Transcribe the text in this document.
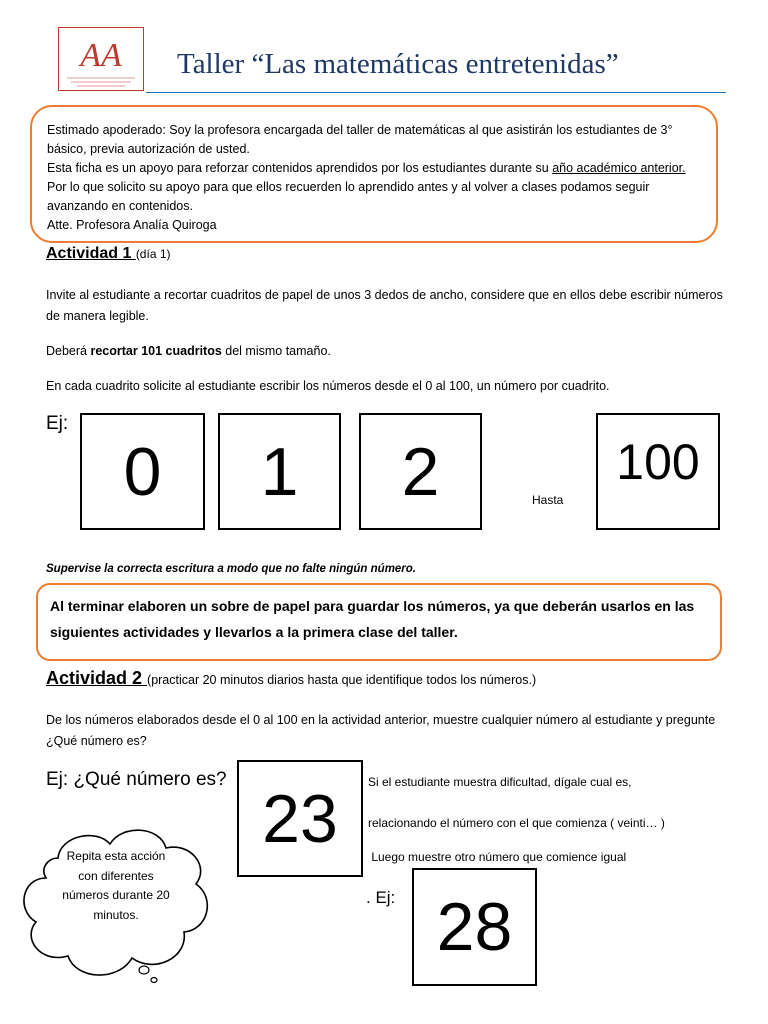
AA Taller “Las matemáticas entretenidas”

Estimado apoderado: Soy la profesora encargada del taller de matemáticas al que asistirán los estudiantes de 3° básico, previa autorización de usted.

Esta ficha es un apoyo para reforzar contenidos aprendidos por los estudiantes durante su año académico anterior. Por lo que solicito su apoyo para que ellos recuerden lo aprendido antes y al volver a clases podamos seguir avanzando en contenidos.

Atte. Profesora Analía Quiroga

Actividad 1 (día 1)
Invite al estudiante a recortar cuadritos de papel de unos 3 dedos de ancho, considere que en ellos debe escribir números de manera legible.
Deberá recortar 101 cuadritos del mismo tamaño.
En cada cuadrito solicite al estudiante escribir los números desde el 0 al 100, un número por cuadrito.
Ej:
0 1 2	Hasta
100
Supervise la correcta escritura a modo que no falte ningún número.
Al terminar elaboren un sobre de papel para guardar los números, ya que deberán usarlos en las siguientes actividades y llevarlos a la primera clase del taller.
Actividad 2 (practicar 20 minutos diarios hasta que identifique todos los números.)
De los números elaborados desde el 0 al 100 en la actividad anterior, muestre cualquier número al estudiante y pregunte ¿Qué número es?
Ej: ¿Qué número es?
23	Si el estudiante muestra dificultad, dígale cual es,
relacionando el número con el que comienza ( veinti… )
Luego muestre otro número que comience igual
. Ej: 28
Repita esta acción con diferentes números durante 20 minutos.
